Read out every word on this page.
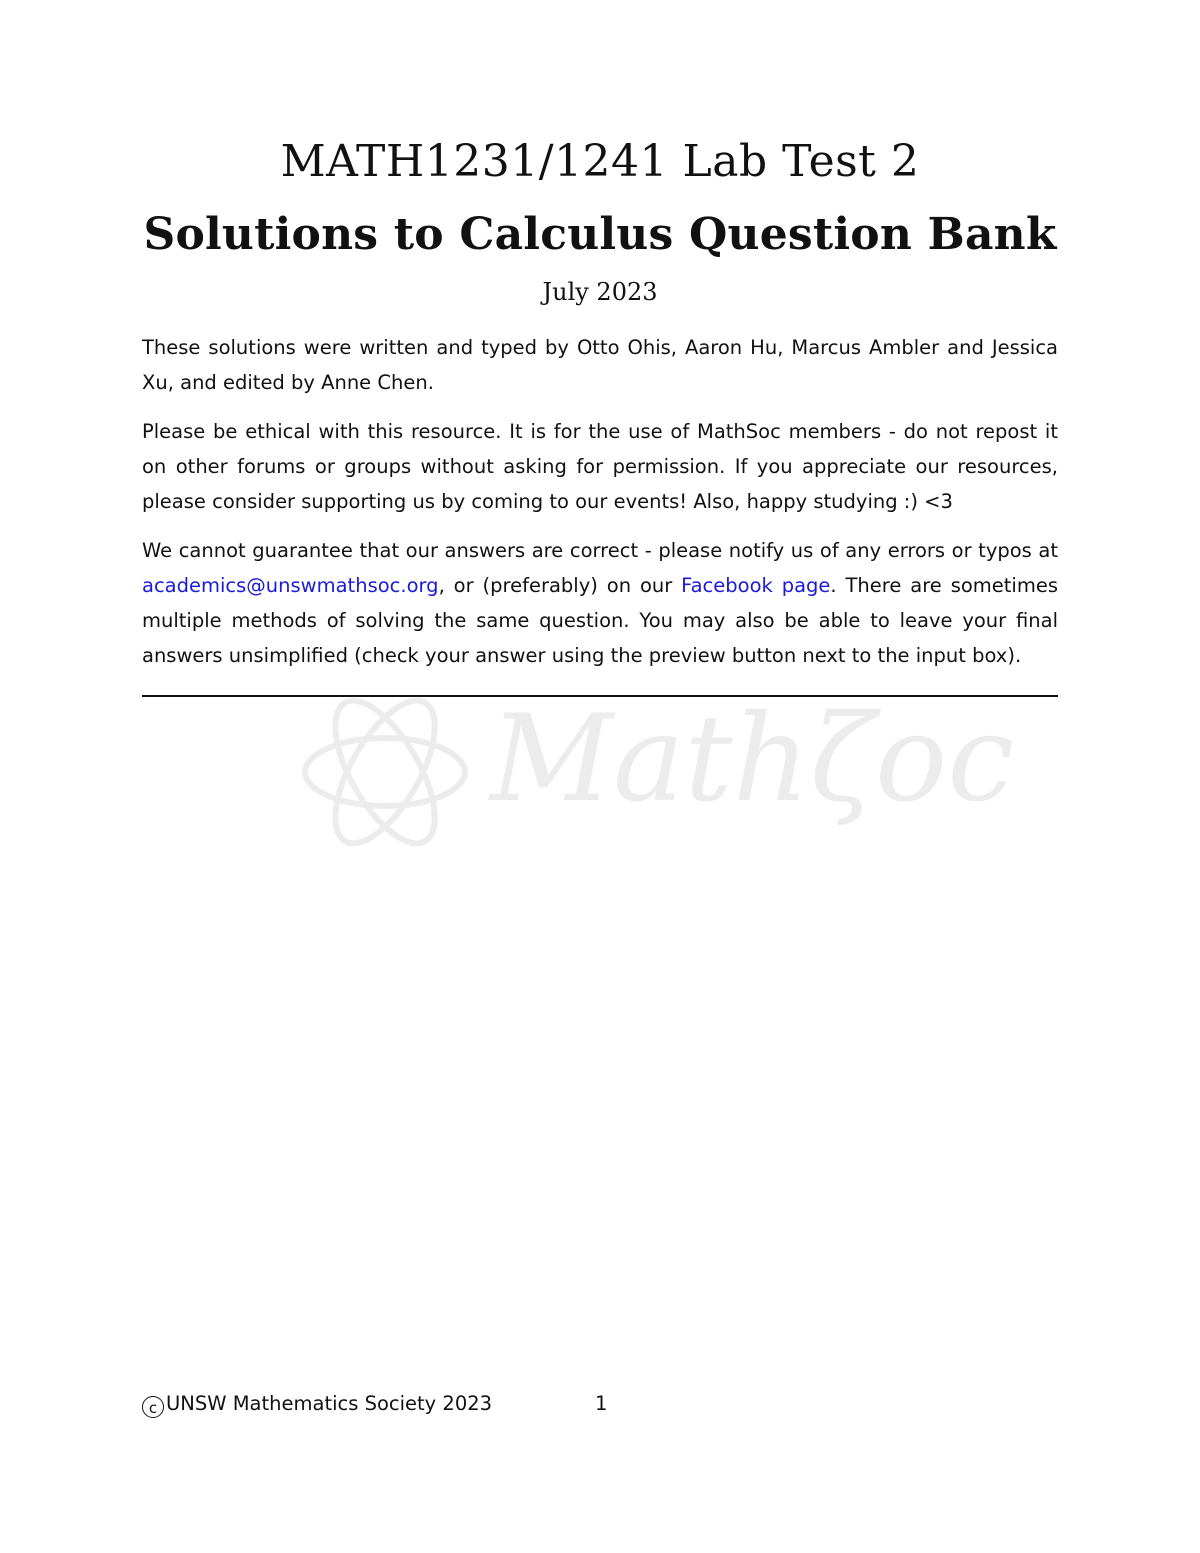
Mathζoc
MATH1231/1241 Lab Test 2
Solutions to Calculus Question Bank

July 2023

These solutions were written and typed by Otto Ohis, Aaron Hu, Marcus Ambler and Jessica Xu, and edited by Anne Chen.

Please be ethical with this resource. It is for the use of MathSoc members - do not repost it on other forums or groups without asking for permission. If you appreciate our resources, please consider supporting us by coming to our events! Also, happy studying :) <3

We cannot guarantee that our answers are correct - please notify us of any errors or typos at academics@unswmathsoc.org, or (preferably) on our Facebook page. There are sometimes multiple methods of solving the same question. You may also be able to leave your final answers unsimplified (check your answer using the preview button next to the input box).

c UNSW Mathematics Society 2023	1
